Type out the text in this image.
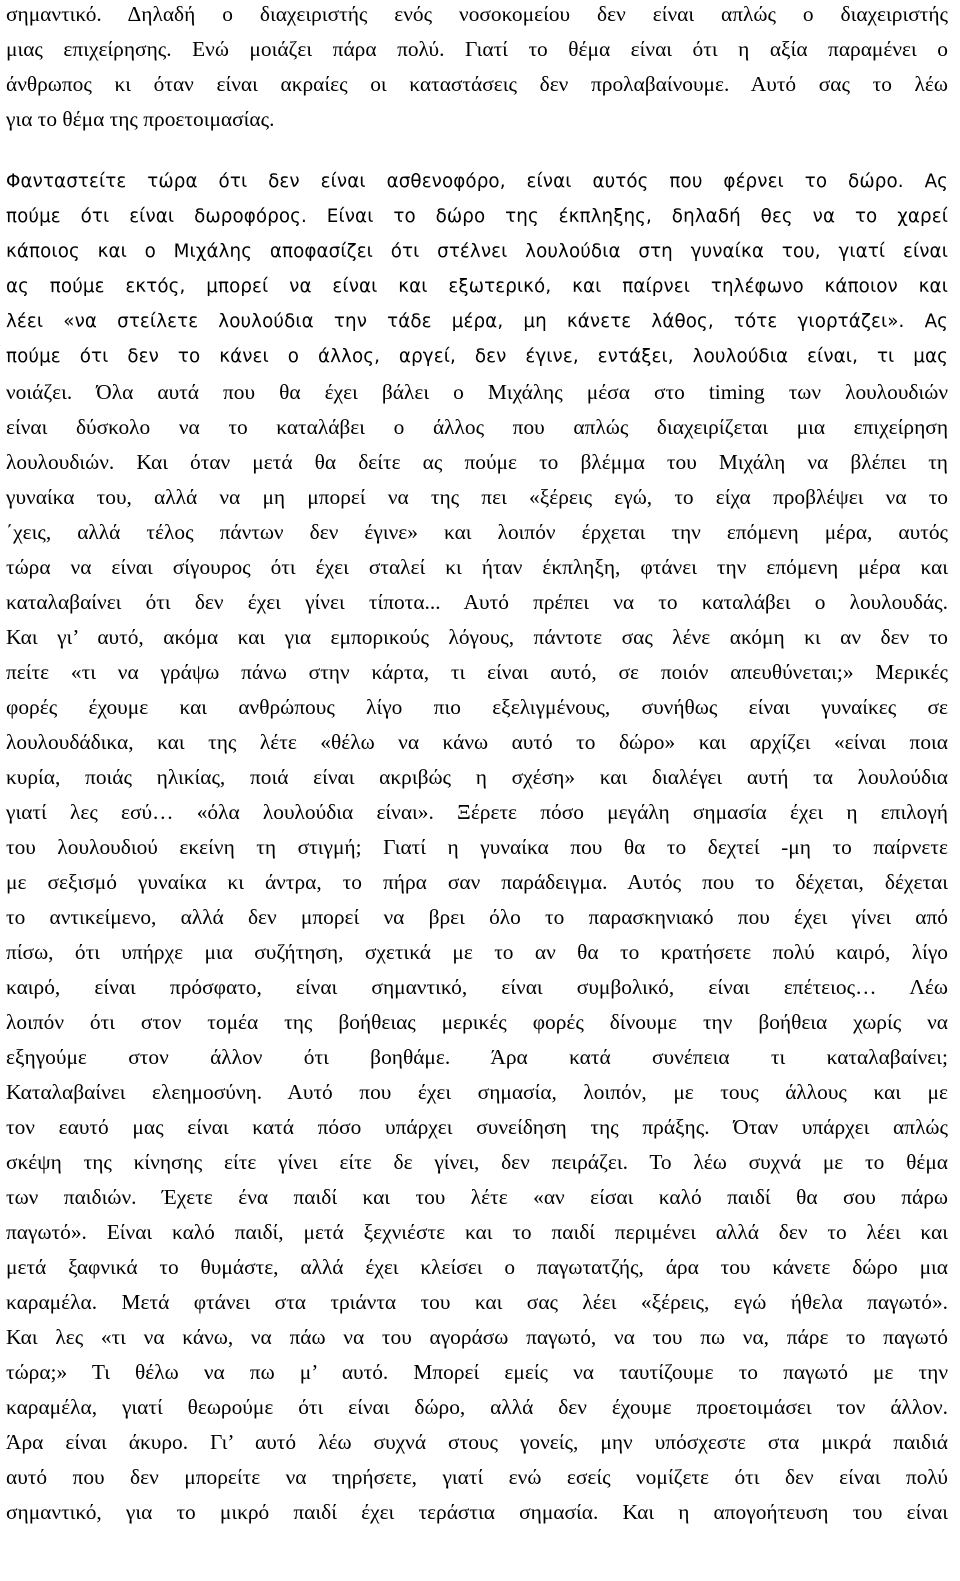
σημαντικό. Δηλαδή ο διαχειριστής ενός νοσοκομείου δεν είναι απλώς ο διαχειριστής
μιας επιχείρησης. Ενώ μοιάζει πάρα πολύ. Γιατί το θέμα είναι ότι η αξία παραμένει ο
άνθρωπος κι όταν είναι ακραίες οι καταστάσεις δεν προλαβαίνουμε. Αυτό σας το λέω
για το θέμα της προετοιμασίας.
Φανταστείτε τώρα ότι δεν είναι ασθενοφόρο, είναι αυτός που φέρνει το δώρο. Ας
πούμε ότι είναι δωροφόρος. Είναι το δώρο της έκπληξης, δηλαδή θες να το χαρεί
κάποιος και ο Μιχάλης αποφασίζει ότι στέλνει λουλούδια στη γυναίκα του, γιατί είναι
ας πούμε εκτός, μπορεί να είναι και εξωτερικό, και παίρνει τηλέφωνο κάποιον και
λέει «να στείλετε λουλούδια την τάδε μέρα, μη κάνετε λάθος, τότε γιορτάζει». Ας
πούμε ότι δεν το κάνει ο άλλος, αργεί, δεν έγινε, εντάξει, λουλούδια είναι, τι μας
νοιάζει. Όλα αυτά που θα έχει βάλει ο Μιχάλης μέσα στο timing των λουλουδιών
είναι δύσκολο να το καταλάβει ο άλλος που απλώς διαχειρίζεται μια επιχείρηση
λουλουδιών. Και όταν μετά θα δείτε ας πούμε το βλέμμα του Μιχάλη να βλέπει τη
γυναίκα του, αλλά να μη μπορεί να της πει «ξέρεις εγώ, το είχα προβλέψει να το
΄χεις, αλλά τέλος πάντων δεν έγινε» και λοιπόν έρχεται την επόμενη μέρα, αυτός
τώρα να είναι σίγουρος ότι έχει σταλεί κι ήταν έκπληξη, φτάνει την επόμενη μέρα και
καταλαβαίνει ότι δεν έχει γίνει τίποτα... Αυτό πρέπει να το καταλάβει ο λουλουδάς.
Και γι’ αυτό, ακόμα και για εμπορικούς λόγους, πάντοτε σας λένε ακόμη κι αν δεν το
πείτε «τι να γράψω πάνω στην κάρτα, τι είναι αυτό, σε ποιόν απευθύνεται;» Μερικές
φορές έχουμε και ανθρώπους λίγο πιο εξελιγμένους, συνήθως είναι γυναίκες σε
λουλουδάδικα, και της λέτε «θέλω να κάνω αυτό το δώρο» και αρχίζει «είναι ποια
κυρία, ποιάς ηλικίας, ποιά είναι ακριβώς η σχέση» και διαλέγει αυτή τα λουλούδια
γιατί λες εσύ… «όλα λουλούδια είναι». Ξέρετε πόσο μεγάλη σημασία έχει η επιλογή
του λουλουδιού εκείνη τη στιγμή; Γιατί η γυναίκα που θα το δεχτεί -μη το παίρνετε
με σεξισμό γυναίκα κι άντρα, το πήρα σαν παράδειγμα. Αυτός που το δέχεται, δέχεται
το αντικείμενο, αλλά δεν μπορεί να βρει όλο το παρασκηνιακό που έχει γίνει από
πίσω, ότι υπήρχε μια συζήτηση, σχετικά με το αν θα το κρατήσετε πολύ καιρό, λίγο
καιρό, είναι πρόσφατο, είναι σημαντικό, είναι συμβολικό, είναι επέτειος… Λέω
λοιπόν ότι στον τομέα της βοήθειας μερικές φορές δίνουμε την βοήθεια χωρίς να
εξηγούμε στον άλλον ότι βοηθάμε. Άρα κατά συνέπεια τι καταλαβαίνει;
Καταλαβαίνει ελεημοσύνη. Αυτό που έχει σημασία, λοιπόν, με τους άλλους και με
τον εαυτό μας είναι κατά πόσο υπάρχει συνείδηση της πράξης. Όταν υπάρχει απλώς
σκέψη της κίνησης είτε γίνει είτε δε γίνει, δεν πειράζει. Το λέω συχνά με το θέμα
των παιδιών. Έχετε ένα παιδί και του λέτε «αν είσαι καλό παιδί θα σου πάρω
παγωτό». Είναι καλό παιδί, μετά ξεχνιέστε και το παιδί περιμένει αλλά δεν το λέει και
μετά ξαφνικά το θυμάστε, αλλά έχει κλείσει ο παγωτατζής, άρα του κάνετε δώρο μια
καραμέλα. Μετά φτάνει στα τριάντα του και σας λέει «ξέρεις, εγώ ήθελα παγωτό».
Και λες «τι να κάνω, να πάω να του αγοράσω παγωτό, να του πω να, πάρε το παγωτό
τώρα;» Τι θέλω να πω μ’ αυτό. Μπορεί εμείς να ταυτίζουμε το παγωτό με την
καραμέλα, γιατί θεωρούμε ότι είναι δώρο, αλλά δεν έχουμε προετοιμάσει τον άλλον.
Άρα είναι άκυρο. Γι’ αυτό λέω συχνά στους γονείς, μην υπόσχεστε στα μικρά παιδιά
αυτό που δεν μπορείτε να τηρήσετε, γιατί ενώ εσείς νομίζετε ότι δεν είναι πολύ
σημαντικό, για το μικρό παιδί έχει τεράστια σημασία. Και η απογοήτευση του είναι
